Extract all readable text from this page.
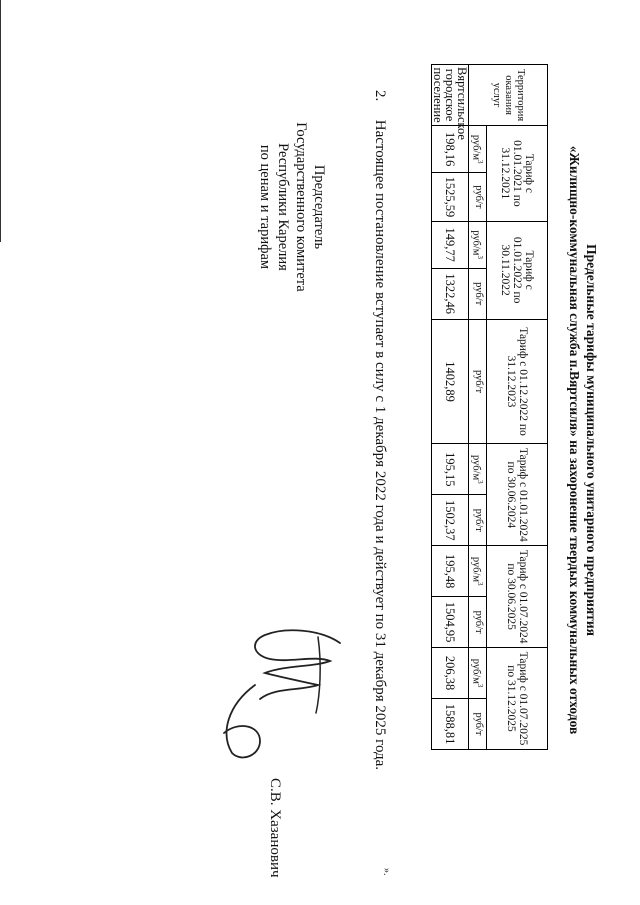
Предельные тарифы муниципального унитарного предприятия
«Жилищно-коммунальная служба п.Вяртсиля» на захоронение твердых коммунальных отходов
Территория оказания услуг	Тариф с 01.01.2021 по 31.12.2021		Тариф с 01.01.2022 по 30.11.2022		Тариф с 01.12.2022 по 31.12.2023	Тариф с 01.01.2024 по 30.06.2024		Тариф с 01.07.2024 по 30.06.2025		Тариф с 01.07.2025 по 31.12.2025	
	руб/$м^3$	руб/т	руб/$м^3$	руб/т	руб/т	руб/$м^3$	руб/т	руб/$м^3$	руб/т	руб/$м^3$	руб/т
Вяртсильское городское поселение	198,16	1525,59	149,77	1322,46	1402,89	195,15	1502,37	195,48	1504,95	206,38	1588,81
2. Настоящее постановление вступает в силу с 1 декабря 2022 года и действует по 31 декабря 2025 года.
Председатель
Государственного комитета
Республики Карелия
по ценам и тарифам
С.В. Хазанович	».
